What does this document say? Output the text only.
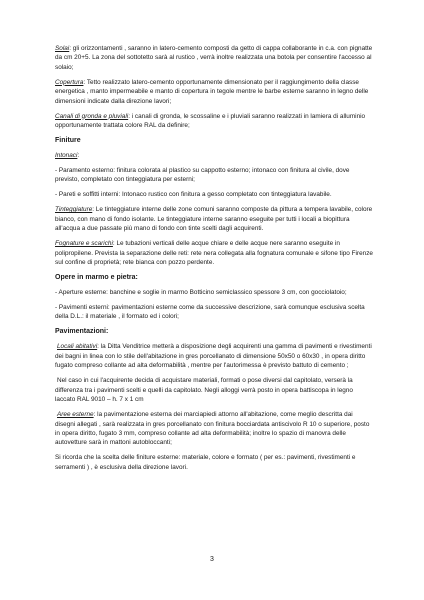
Solai: gli orizzontamenti , saranno in latero-cemento composti da getto di cappa collaborante in c.a. con pignatte da cm 20+5. La zona del sottotetto sarà al rustico , verrà inoltre realizzata una botola per consentire l'accesso al solaio;

Copertura: Tetto realizzato latero-cemento opportunamente dimensionato per il raggiungimento della classe energetica , manto impermeabile e manto di copertura in tegole mentre le barbe esterne saranno in legno delle dimensioni indicate dalla direzione lavori;

Canali di gronda e pluviali: i canali di gronda, le scossaline e i pluviali saranno realizzati in lamiera di alluminio opportunamente trattata colore RAL da definire;

Finiture

Intonaci:

- Paramento esterno: finitura colorata al plastico su cappotto esterno; intonaco con finitura al civile, dove previsto, completato con tinteggiatura per esterni;

- Pareti e soffitti interni: Intonaco rustico con finitura a gesso completato con tinteggiatura lavabile.

Tinteggiature: Le tinteggiature interne delle zone comuni saranno composte da pittura a tempera lavabile, colore bianco, con mano di fondo isolante. Le tinteggiature interne saranno eseguite per tutti i locali a biopittura all'acqua a due passate più mano di fondo con tinte scelti dagli acquirenti.

Fognature e scarichi: Le tubazioni verticali delle acque chiare e delle acque nere saranno eseguite in polipropilene. Prevista la separazione delle reti: rete nera collegata alla fognatura comunale e sifone tipo Firenze sul confine di proprietà; rete bianca con pozzo perdente.

Opere in marmo e pietra:

- Aperture esterne: banchine e soglie in marmo Botticino semiclassico spessore 3 cm, con gocciolatoio;

- Pavimenti esterni: pavimentazioni esterne come da successive descrizione, sarà comunque esclusiva scelta della D.L.: il materiale , il formato ed i colori;

Pavimentazioni:

Locali abitativi: la Ditta Venditrice metterà a disposizione degli acquirenti una gamma di pavimenti e rivestimenti dei bagni in linea con lo stile dell'abitazione in gres porcellanato di dimensione 50x50 o 60x30 , in opera diritto fugato compreso collante ad alta deformabilità , mentre per l'autorimessa è previsto battuto di cemento ;

Nel caso in cui l'acquirente decida di acquistare materiali, formati o pose diversi dal capitolato, verserà la differenza tra i pavimenti scelti e quelli da capitolato. Negli alloggi verrà posto in opera battiscopa in legno laccato RAL 9010 – h. 7 x 1 cm

Aree esterne: la pavimentazione esterna dei marciapiedi attorno all'abitazione, come meglio descritta dai disegni allegati , sarà realizzata in gres porcellanato con finitura bocciardata antiscivolo R 10 o superiore, posto in opera diritto, fugato 3 mm, compreso collante ad alta deformabilità; inoltre lo spazio di manovra delle autovetture sarà in mattoni autobloccanti;

Si ricorda che la scelta delle finiture esterne: materiale, colore e formato ( per es.: pavimenti, rivestimenti e serramenti ) , è esclusiva della direzione lavori.

3
